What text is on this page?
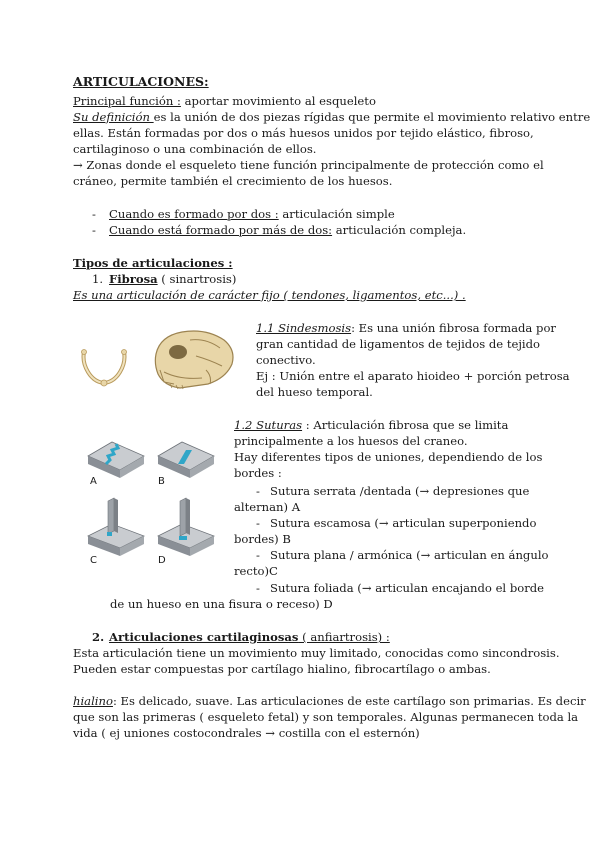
ARTICULACIONES:
Principal función : aportar movimiento al esqueleto
Su definición es la unión de dos piezas rígidas que permite el movimiento relativo entre
ellas. Están formadas por dos o más huesos unidos por tejido elástico, fibroso,
cartilaginoso o una combinación de ellos.
→ Zonas donde el esqueleto tiene función principalmente de protección como el
cráneo, permite también el crecimiento de los huesos.
- Cuando es formado por dos : articulación simple
- Cuando está formado por más de dos: articulación compleja.
Tipos de articulaciones :
1. Fibrosa ( sinartrosis)
Es una articulación de carácter fijo ( tendones, ligamentos, etc...) .
1.1 Sindesmosis: Es una unión fibrosa formada por
gran cantidad de ligamentos de tejidos de tejido
conectivo.
Ej : Unión entre el aparato hioideo + porción petrosa
del hueso temporal.
A	B
C	D
1.2 Suturas : Articulación fibrosa que se limita
principalmente a los huesos del craneo.
Hay diferentes tipos de uniones, dependiendo de los
bordes :
- Sutura serrata /dentada (→ depresiones que
alternan) A
- Sutura escamosa (→ articulan superponiendo
bordes) B
- Sutura plana / armónica (→ articulan en ángulo
recto)C
- Sutura foliada (→ articulan encajando el borde
de un hueso en una fisura o receso) D
2. Articulaciones cartilaginosas ( anfiartrosis) :
Esta articulación tiene un movimiento muy limitado, conocidas como sincondrosis.
Pueden estar compuestas por cartílago hialino, fibrocartílago o ambas.
hialino: Es delicado, suave. Las articulaciones de este cartílago son primarias. Es decir
que son las primeras ( esqueleto fetal) y son temporales. Algunas permanecen toda la
vida ( ej uniones costocondrales → costilla con el esternón)
